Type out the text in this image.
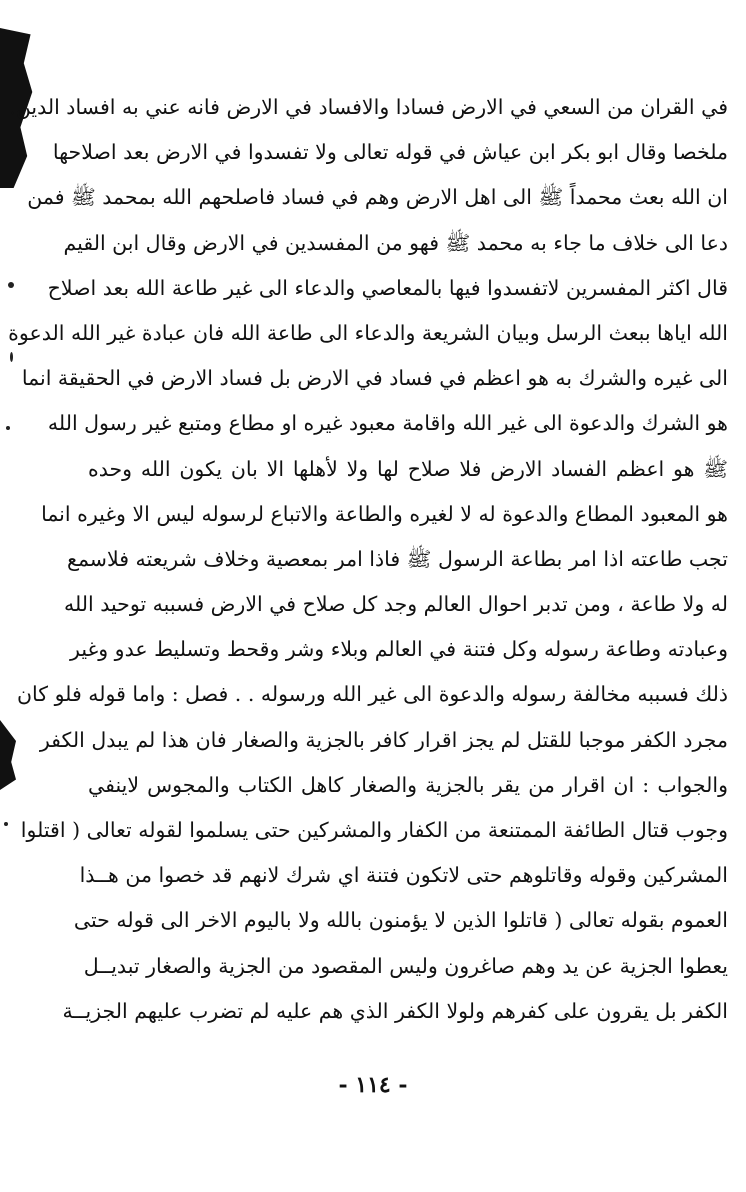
في القران من السعي في الارض فسادا والافساد في الارض فانه عني به افساد الدين.
ملخصا وقال ابو بكر ابن عياش في قوله تعالى ولا تفسدوا في الارض بعد اصلاحها
ان الله بعث محمداً ﷺ الى اهل الارض وهم في فساد فاصلحهم الله بمحمد ﷺ فمن
دعا الى خلاف ما جاء به محمد ﷺ فهو من المفسدين في الارض وقال ابن القيم
قال اكثر المفسرين لاتفسدوا فيها بالمعاصي والدعاء الى غير طاعة الله بعد اصلاح
الله اياها ببعث الرسل وبيان الشريعة والدعاء الى طاعة الله فان عبادة غير الله الدعوة
الى غيره والشرك به هو اعظم في فساد في الارض بل فساد الارض في الحقيقة انما
هو الشرك والدعوة الى غير الله واقامة معبود غيره او مطاع ومتبع غير رسول الله
ﷺ هو اعظم الفساد الارض فلا صلاح لها ولا لأهلها الا بان يكون الله وحده
هو المعبود المطاع والدعوة له لا لغيره والطاعة والاتباع لرسوله ليس الا وغيره انما
تجب طاعته اذا امر بطاعة الرسول ﷺ فاذا امر بمعصية وخلاف شريعته فلاسمع
له ولا طاعة ، ومن تدبر احوال العالم وجد كل صلاح في الارض فسببه توحيد الله
وعبادته وطاعة رسوله وكل فتنة في العالم وبلاء وشر وقحط وتسليط عدو وغير
ذلك فسببه مخالفة رسوله والدعوة الى غير الله ورسوله . . فصل : واما قوله فلو كان
مجرد الكفر موجبا للقتل لم يجز اقرار كافر بالجزية والصغار فان هذا لم يبدل الكفر
والجواب : ان اقرار من يقر بالجزية والصغار كاهل الكتاب والمجوس لاينفي
وجوب قتال الطائفة الممتنعة من الكفار والمشركين حتى يسلموا لقوله تعالى ( اقتلوا
المشركين وقوله وقاتلوهم حتى لاتكون فتنة اي شرك لانهم قد خصوا من هــذا
العموم بقوله تعالى ( قاتلوا الذين لا يؤمنون بالله ولا باليوم الاخر الى قوله حتى
يعطوا الجزية عن يد وهم صاغرون وليس المقصود من الجزية والصغار تبديــل
الكفر بل يقرون على كفرهم ولولا الكفر الذي هم عليه لم تضرب عليهم الجزيــة
- ١١٤ -
